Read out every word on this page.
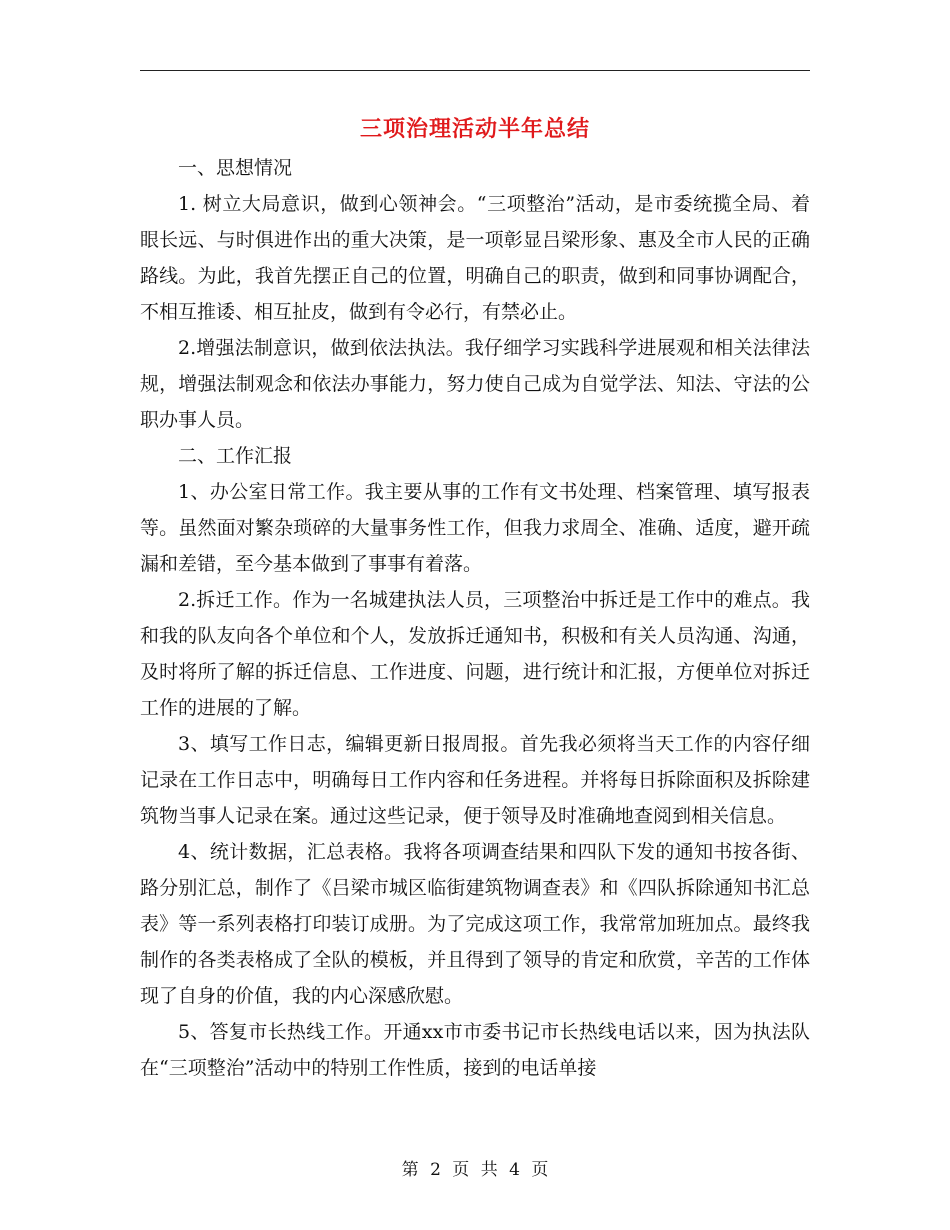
三项治理活动半年总结

一、思想情况

1. 树立大局意识，做到心领神会。“三项整治”活动，是市委统揽全局、着眼长远、与时俱进作出的重大决策，是一项彰显吕梁形象、惠及全市人民的正确路线。为此，我首先摆正自己的位置，明确自己的职责，做到和同事协调配合，不相互推诿、相互扯皮，做到有令必行，有禁必止。

2.增强法制意识，做到依法执法。我仔细学习实践科学进展观和相关法律法规，增强法制观念和依法办事能力，努力使自己成为自觉学法、知法、守法的公职办事人员。

二、工作汇报

1、办公室日常工作。我主要从事的工作有文书处理、档案管理、填写报表等。虽然面对繁杂琐碎的大量事务性工作，但我力求周全、准确、适度，避开疏漏和差错，至今基本做到了事事有着落。

2.拆迁工作。作为一名城建执法人员，三项整治中拆迁是工作中的难点。我和我的队友向各个单位和个人，发放拆迁通知书，积极和有关人员沟通、沟通，及时将所了解的拆迁信息、工作进度、问题，进行统计和汇报，方便单位对拆迁工作的进展的了解。

3、填写工作日志，编辑更新日报周报。首先我必须将当天工作的内容仔细记录在工作日志中，明确每日工作内容和任务进程。并将每日拆除面积及拆除建筑物当事人记录在案。通过这些记录，便于领导及时准确地查阅到相关信息。

4、统计数据，汇总表格。我将各项调查结果和四队下发的通知书按各街、路分别汇总，制作了《吕梁市城区临街建筑物调查表》和《四队拆除通知书汇总表》等一系列表格打印装订成册。为了完成这项工作，我常常加班加点。最终我制作的各类表格成了全队的模板，并且得到了领导的肯定和欣赏，辛苦的工作体现了自身的价值，我的内心深感欣慰。

5、答复市长热线工作。开通xx市市委书记市长热线电话以来，因为执法队在“三项整治”活动中的特别工作性质，接到的电话单接

第 2 页 共 4 页
